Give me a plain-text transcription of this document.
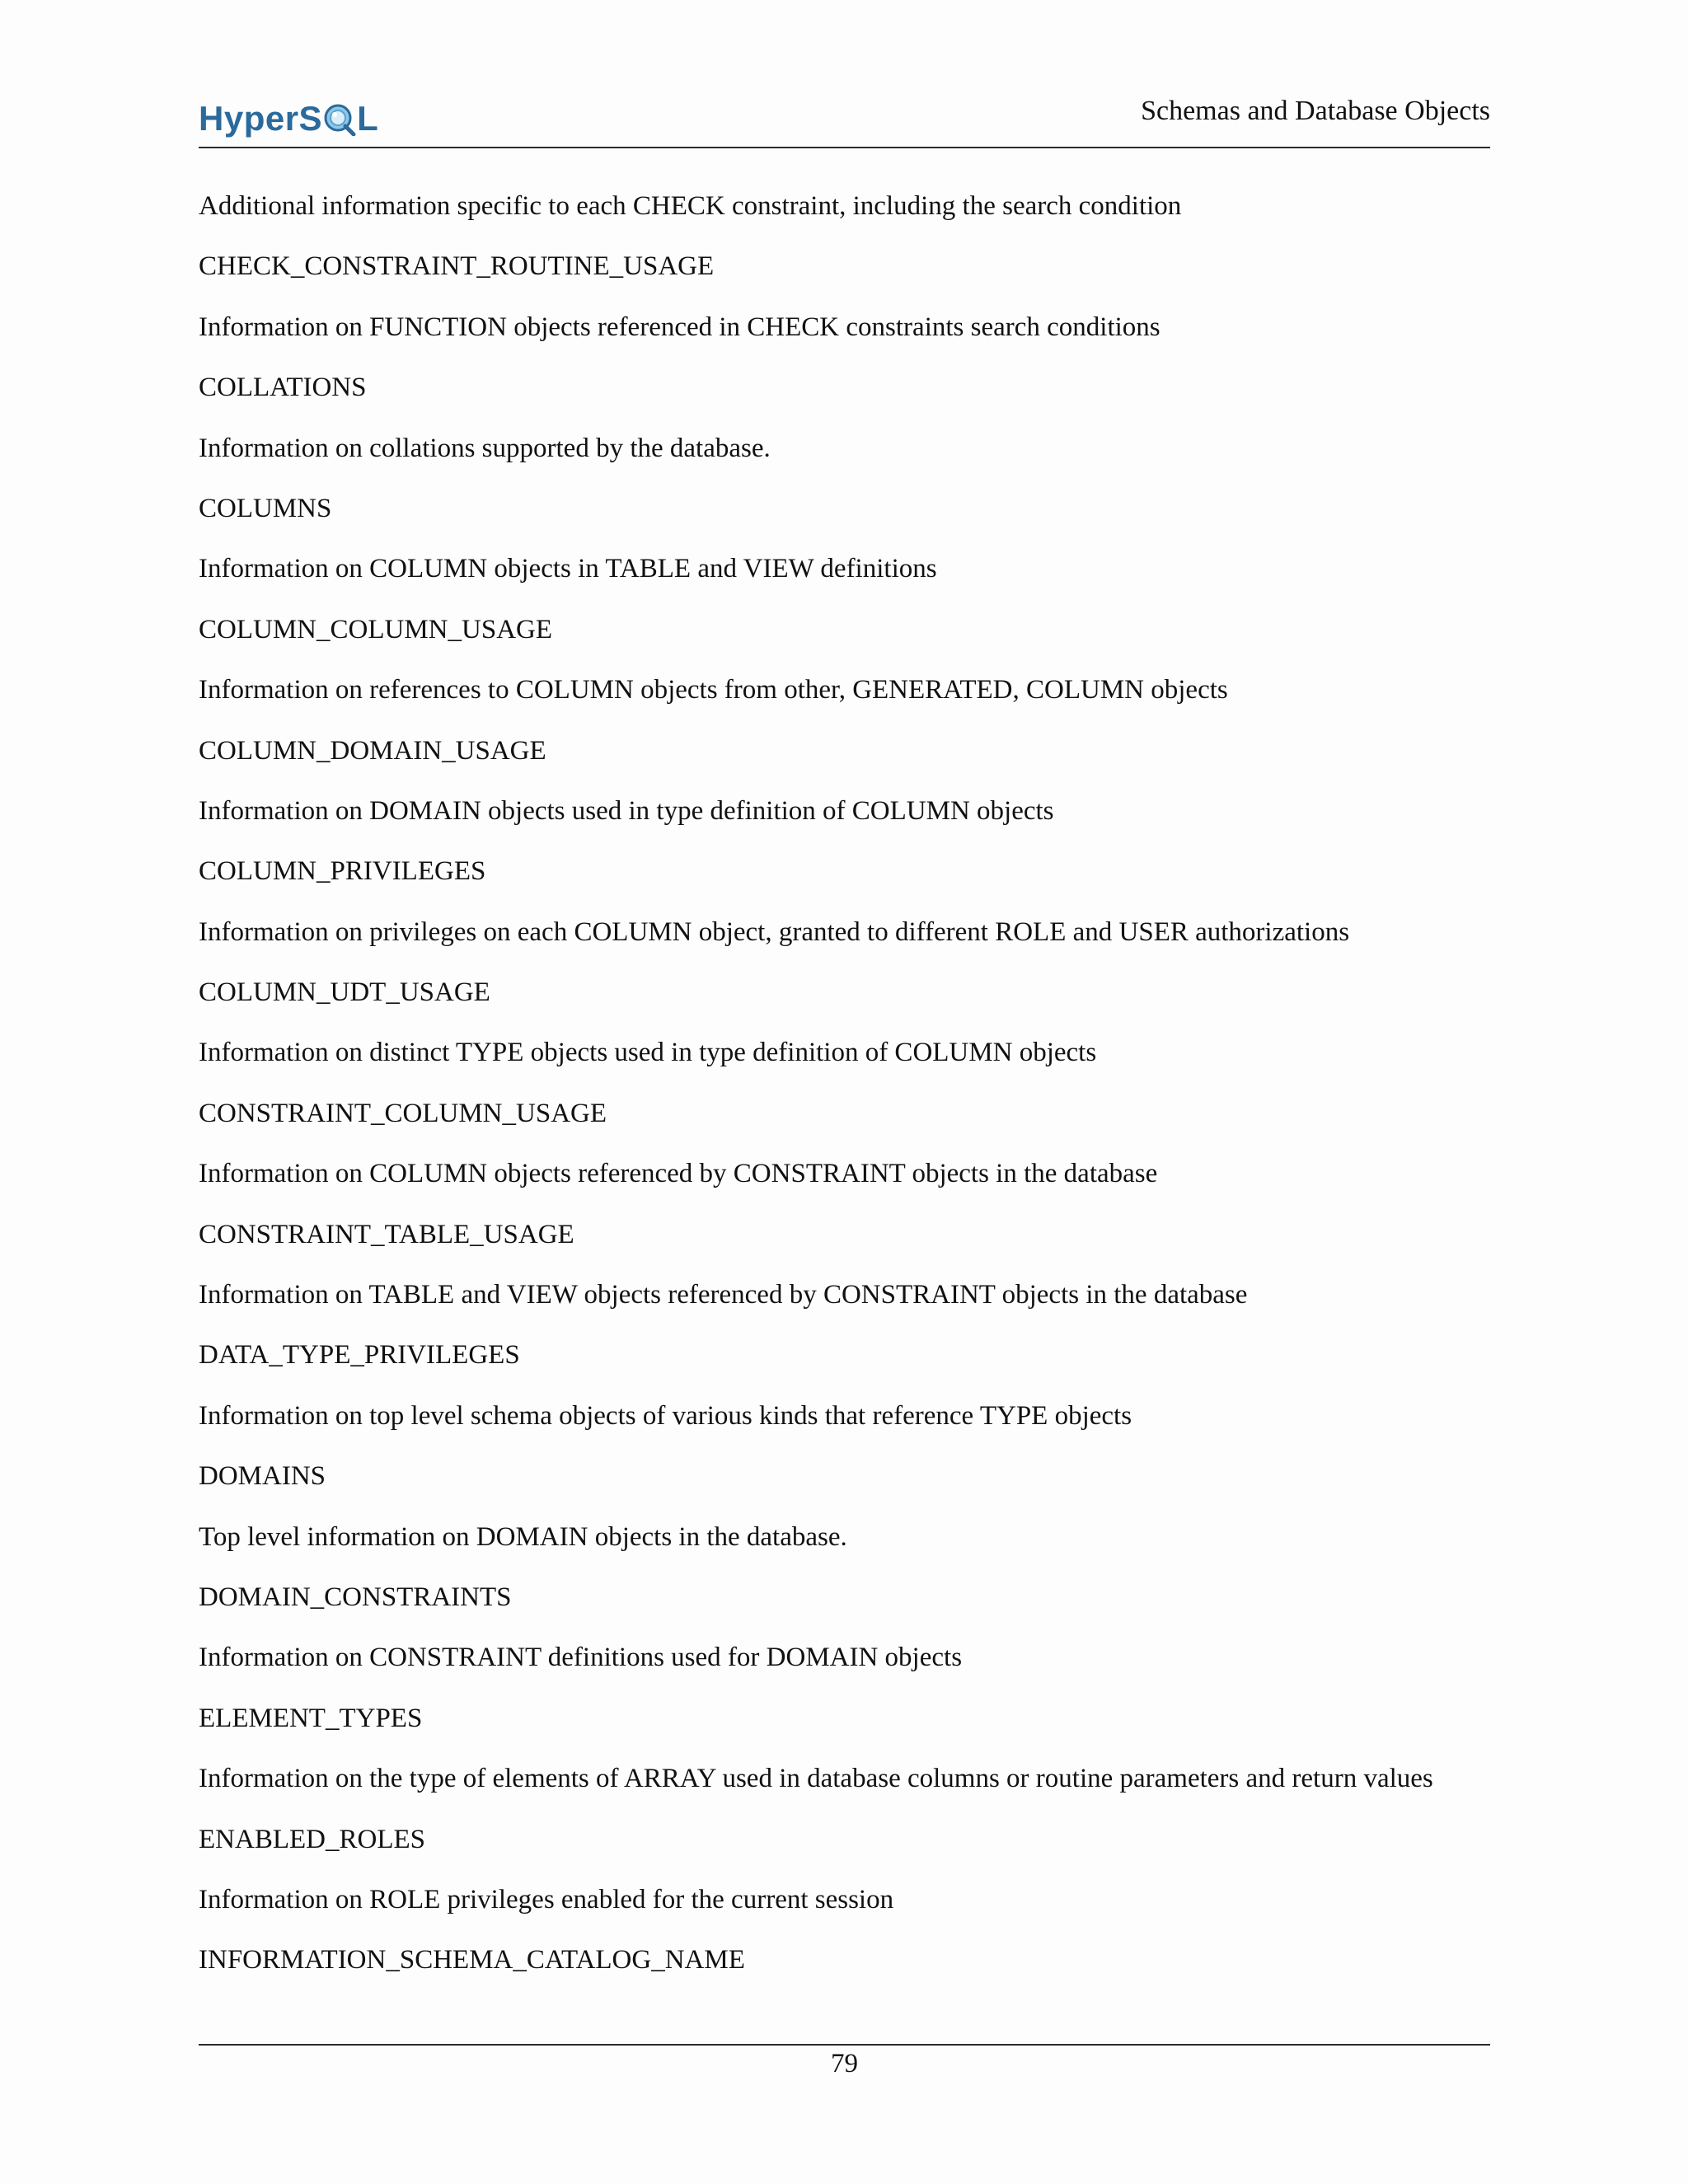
HyperS L	Schemas and Database Objects
Additional information specific to each CHECK constraint, including the search condition
CHECK_CONSTRAINT_ROUTINE_USAGE
Information on FUNCTION objects referenced in CHECK constraints search conditions
COLLATIONS
Information on collations supported by the database.
COLUMNS
Information on COLUMN objects in TABLE and VIEW definitions
COLUMN_COLUMN_USAGE
Information on references to COLUMN objects from other, GENERATED, COLUMN objects
COLUMN_DOMAIN_USAGE
Information on DOMAIN objects used in type definition of COLUMN objects
COLUMN_PRIVILEGES
Information on privileges on each COLUMN object, granted to different ROLE and USER authorizations
COLUMN_UDT_USAGE
Information on distinct TYPE objects used in type definition of COLUMN objects
CONSTRAINT_COLUMN_USAGE
Information on COLUMN objects referenced by CONSTRAINT objects in the database
CONSTRAINT_TABLE_USAGE
Information on TABLE and VIEW objects referenced by CONSTRAINT objects in the database
DATA_TYPE_PRIVILEGES
Information on top level schema objects of various kinds that reference TYPE objects
DOMAINS
Top level information on DOMAIN objects in the database.
DOMAIN_CONSTRAINTS
Information on CONSTRAINT definitions used for DOMAIN objects
ELEMENT_TYPES
Information on the type of elements of ARRAY used in database columns or routine parameters and return values
ENABLED_ROLES
Information on ROLE privileges enabled for the current session
INFORMATION_SCHEMA_CATALOG_NAME
79
